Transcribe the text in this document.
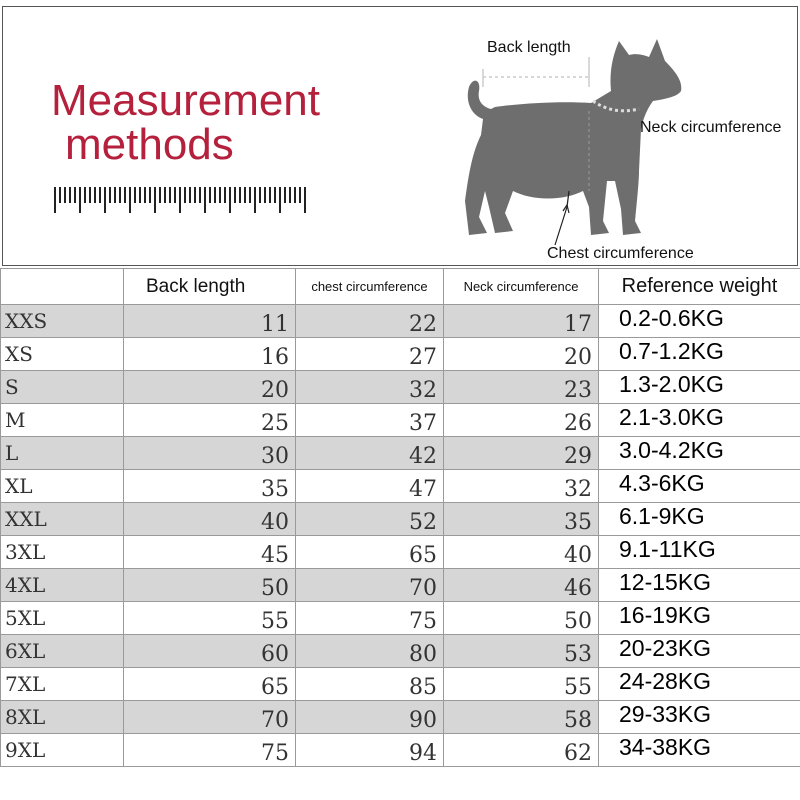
Measurement
methods
Back length
Neck circumference
Chest circumference
	Back length	chest circumference	Neck circumference	Reference weight
XXS	11	22	17	0.2-0.6KG
XS	16	27	20	0.7-1.2KG
S	20	32	23	1.3-2.0KG
M	25	37	26	2.1-3.0KG
L	30	42	29	3.0-4.2KG
XL	35	47	32	4.3-6KG
XXL	40	52	35	6.1-9KG
3XL	45	65	40	9.1-11KG
4XL	50	70	46	12-15KG
5XL	55	75	50	16-19KG
6XL	60	80	53	20-23KG
7XL	65	85	55	24-28KG
8XL	70	90	58	29-33KG
9XL	75	94	62	34-38KG
